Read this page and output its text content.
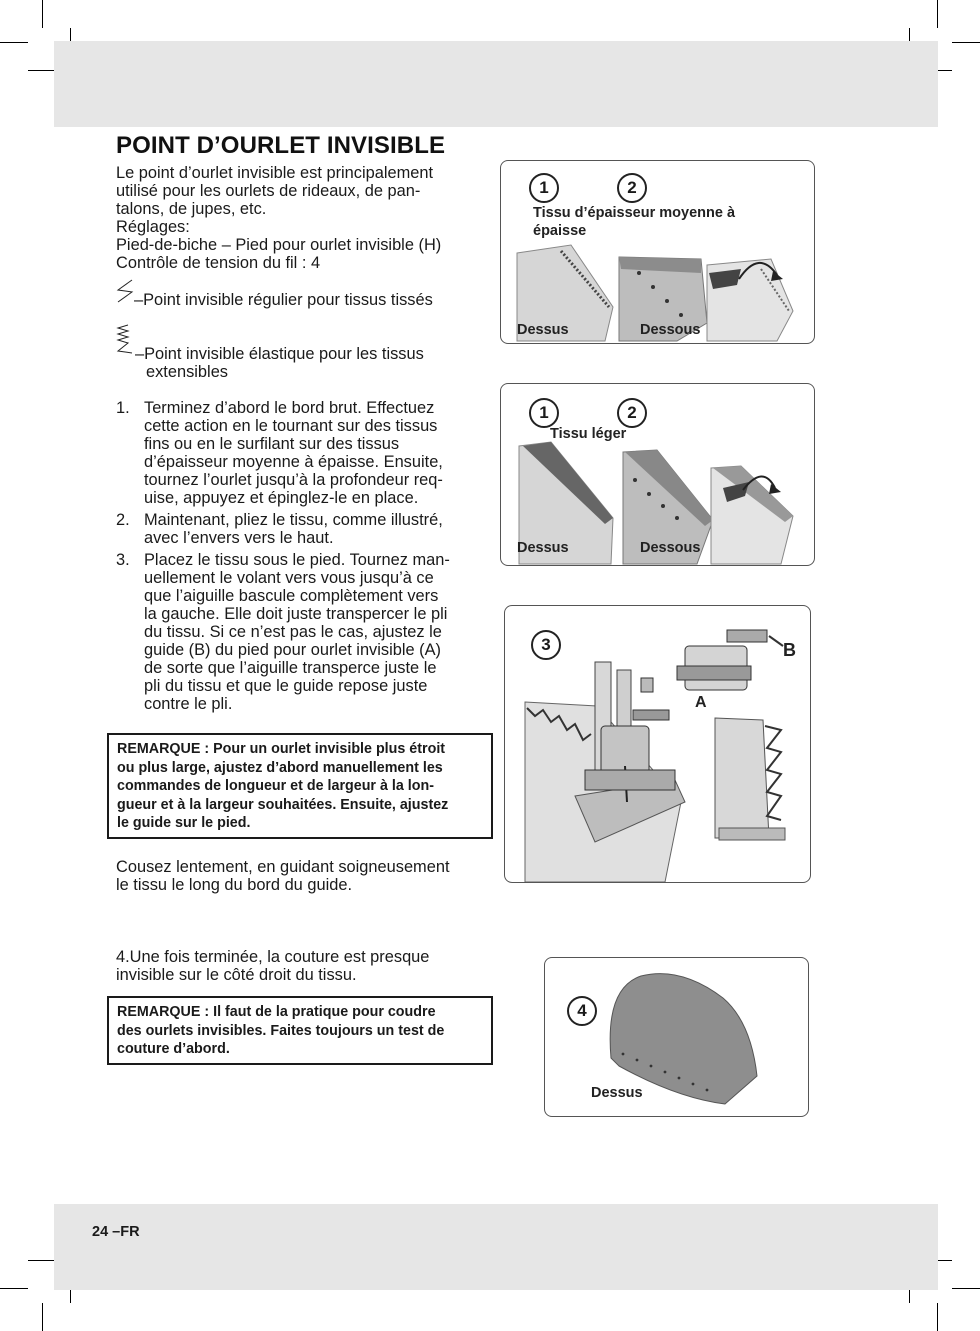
POINT D’OURLET INVISIBLE
Le point d’ourlet invisible est principalement
utilisé pour les ourlets de rideaux, de pan-
talons, de jupes, etc.
Réglages:
Pied-de-biche – Pied pour ourlet invisible (H)
Contrôle de tension du fil : 4
–Point invisible régulier pour tissus tissés
–Point invisible élastique pour les tissus
extensibles
1. Terminez d’abord le bord brut. Effectuez
cette action en le tournant sur des tissus
fins ou en le surfilant sur des tissus
d’épaisseur moyenne à épaisse. Ensuite,
tournez l’ourlet jusqu’à la profondeur req-
uise, appuyez et épinglez-le en place.
2. Maintenant, pliez le tissu, comme illustré,
avec l’envers vers le haut.
3. Placez le tissu sous le pied. Tournez man-
uellement le volant vers vous jusqu’à ce
que l’aiguille bascule complètement vers
la gauche. Elle doit juste transpercer le pli
du tissu. Si ce n’est pas le cas, ajustez le
guide (B) du pied pour ourlet invisible (A)
de sorte que l’aiguille transperce juste le
pli du tissu et que le guide repose juste
contre le pli.
REMARQUE : Pour un ourlet invisible plus étroit
ou plus large, ajustez d’abord manuellement les
commandes de longueur et de largeur à la lon-
gueur et à la largeur souhaitées. Ensuite, ajustez
le guide sur le pied.
Cousez lentement, en guidant soigneusement
le tissu le long du bord du guide.
4.Une fois terminée, la couture est presque
invisible sur le côté droit du tissu.
REMARQUE : Il faut de la pratique pour coudre
des ourlets invisibles. Faites toujours un test de
couture d’abord.
1	2
Tissu d’épaisseur moyenne à
épaisse
Dessus	Dessous
1	2
Tissu léger
Dessus	Dessous
3
A
B
4
Dessus
24 –FR
